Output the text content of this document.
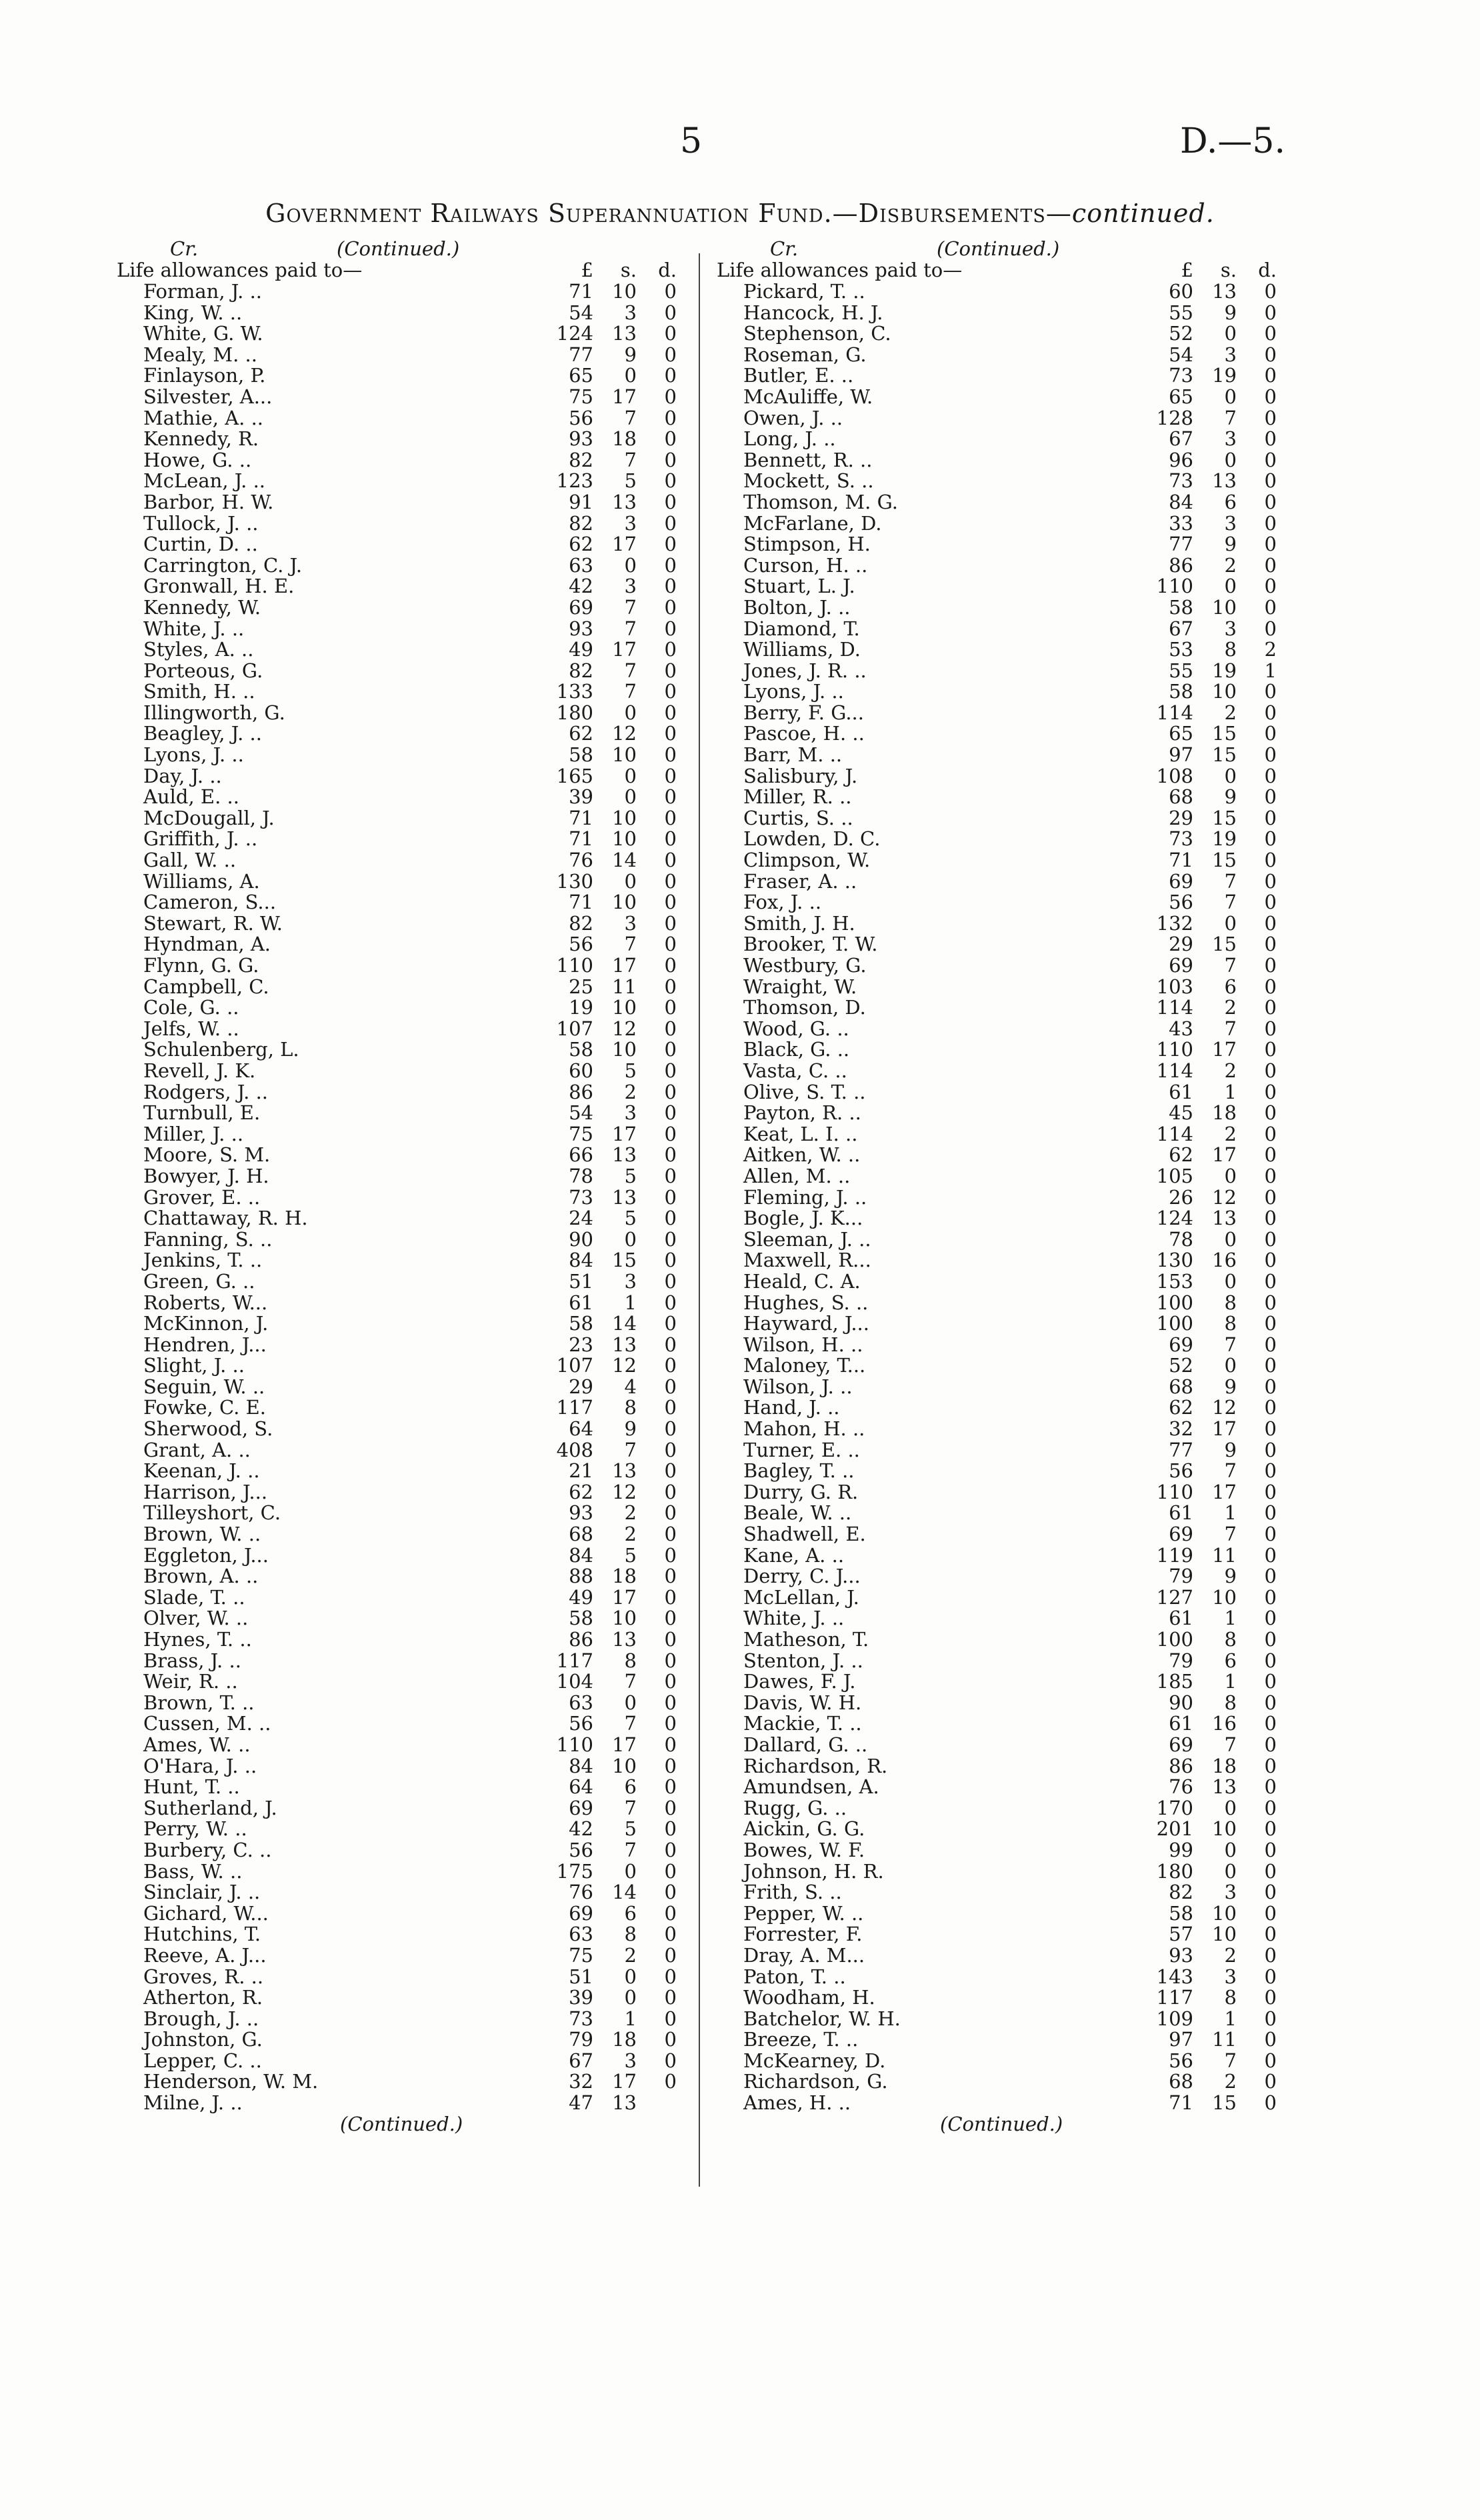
5	D.—5.
Government Railways Superannuation Fund.—Disbursements—continued.
Cr.	(Continued.)
Life allowances paid to—	£ s. d.
Forman, J. ..	71 10 0
King, W. ..	54 3 0
White, G. W.	124 13 0
Mealy, M. ..	77 9 0
Finlayson, P.	65 0 0
Silvester, A...	75 17 0
Mathie, A. ..	56 7 0
Kennedy, R.	93 18 0
Howe, G. ..	82 7 0
McLean, J. ..	123 5 0
Barbor, H. W.	91 13 0
Tullock, J. ..	82 3 0
Curtin, D. ..	62 17 0
Carrington, C. J.	63 0 0
Gronwall, H. E.	42 3 0
Kennedy, W.	69 7 0
White, J. ..	93 7 0
Styles, A. ..	49 17 0
Porteous, G.	82 7 0
Smith, H. ..	133 7 0
Illingworth, G.	180 0 0
Beagley, J. ..	62 12 0
Lyons, J. ..	58 10 0
Day, J. ..	165 0 0
Auld, E. ..	39 0 0
McDougall, J.	71 10 0
Griffith, J. ..	71 10 0
Gall, W. ..	76 14 0
Williams, A.	130 0 0
Cameron, S...	71 10 0
Stewart, R. W.	82 3 0
Hyndman, A.	56 7 0
Flynn, G. G.	110 17 0
Campbell, C.	25 11 0
Cole, G. ..	19 10 0
Jelfs, W. ..	107 12 0
Schulenberg, L.	58 10 0
Revell, J. K.	60 5 0
Rodgers, J. ..	86 2 0
Turnbull, E.	54 3 0
Miller, J. ..	75 17 0
Moore, S. M.	66 13 0
Bowyer, J. H.	78 5 0
Grover, E. ..	73 13 0
Chattaway, R. H.	24 5 0
Fanning, S. ..	90 0 0
Jenkins, T. ..	84 15 0
Green, G. ..	51 3 0
Roberts, W...	61 1 0
McKinnon, J.	58 14 0
Hendren, J...	23 13 0
Slight, J. ..	107 12 0
Seguin, W. ..	29 4 0
Fowke, C. E.	117 8 0
Sherwood, S.	64 9 0
Grant, A. ..	408 7 0
Keenan, J. ..	21 13 0
Harrison, J...	62 12 0
Tilleyshort, C.	93 2 0
Brown, W. ..	68 2 0
Eggleton, J...	84 5 0
Brown, A. ..	88 18 0
Slade, T. ..	49 17 0
Olver, W. ..	58 10 0
Hynes, T. ..	86 13 0
Brass, J. ..	117 8 0
Weir, R. ..	104 7 0
Brown, T. ..	63 0 0
Cussen, M. ..	56 7 0
Ames, W. ..	110 17 0
O'Hara, J. ..	84 10 0
Hunt, T. ..	64 6 0
Sutherland, J.	69 7 0
Perry, W. ..	42 5 0
Burbery, C. ..	56 7 0
Bass, W. ..	175 0 0
Sinclair, J. ..	76 14 0
Gichard, W...	69 6 0
Hutchins, T.	63 8 0
Reeve, A. J...	75 2 0
Groves, R. ..	51 0 0
Atherton, R.	39 0 0
Brough, J. ..	73 1 0
Johnston, G.	79 18 0
Lepper, C. ..	67 3 0
Henderson, W. M.	32 17 0
Milne, J. ..	47 13
(Continued.)
Cr.	(Continued.)
Life allowances paid to—	£ s. d.
Pickard, T. ..	60 13 0
Hancock, H. J.	55 9 0
Stephenson, C.	52 0 0
Roseman, G.	54 3 0
Butler, E. ..	73 19 0
McAuliffe, W.	65 0 0
Owen, J. ..	128 7 0
Long, J. ..	67 3 0
Bennett, R. ..	96 0 0
Mockett, S. ..	73 13 0
Thomson, M. G.	84 6 0
McFarlane, D.	33 3 0
Stimpson, H.	77 9 0
Curson, H. ..	86 2 0
Stuart, L. J.	110 0 0
Bolton, J. ..	58 10 0
Diamond, T.	67 3 0
Williams, D.	53 8 2
Jones, J. R. ..	55 19 1
Lyons, J. ..	58 10 0
Berry, F. G...	114 2 0
Pascoe, H. ..	65 15 0
Barr, M. ..	97 15 0
Salisbury, J.	108 0 0
Miller, R. ..	68 9 0
Curtis, S. ..	29 15 0
Lowden, D. C.	73 19 0
Climpson, W.	71 15 0
Fraser, A. ..	69 7 0
Fox, J. ..	56 7 0
Smith, J. H.	132 0 0
Brooker, T. W.	29 15 0
Westbury, G.	69 7 0
Wraight, W.	103 6 0
Thomson, D.	114 2 0
Wood, G. ..	43 7 0
Black, G. ..	110 17 0
Vasta, C. ..	114 2 0
Olive, S. T. ..	61 1 0
Payton, R. ..	45 18 0
Keat, L. I. ..	114 2 0
Aitken, W. ..	62 17 0
Allen, M. ..	105 0 0
Fleming, J. ..	26 12 0
Bogle, J. K...	124 13 0
Sleeman, J. ..	78 0 0
Maxwell, R...	130 16 0
Heald, C. A.	153 0 0
Hughes, S. ..	100 8 0
Hayward, J...	100 8 0
Wilson, H. ..	69 7 0
Maloney, T...	52 0 0
Wilson, J. ..	68 9 0
Hand, J. ..	62 12 0
Mahon, H. ..	32 17 0
Turner, E. ..	77 9 0
Bagley, T. ..	56 7 0
Durry, G. R.	110 17 0
Beale, W. ..	61 1 0
Shadwell, E.	69 7 0
Kane, A. ..	119 11 0
Derry, C. J...	79 9 0
McLellan, J.	127 10 0
White, J. ..	61 1 0
Matheson, T.	100 8 0
Stenton, J. ..	79 6 0
Dawes, F. J.	185 1 0
Davis, W. H.	90 8 0
Mackie, T. ..	61 16 0
Dallard, G. ..	69 7 0
Richardson, R.	86 18 0
Amundsen, A.	76 13 0
Rugg, G. ..	170 0 0
Aickin, G. G.	201 10 0
Bowes, W. F.	99 0 0
Johnson, H. R.	180 0 0
Frith, S. ..	82 3 0
Pepper, W. ..	58 10 0
Forrester, F.	57 10 0
Dray, A. M...	93 2 0
Paton, T. ..	143 3 0
Woodham, H.	117 8 0
Batchelor, W. H.	109 1 0
Breeze, T. ..	97 11 0
McKearney, D.	56 7 0
Richardson, G.	68 2 0
Ames, H. ..	71 15 0
(Continued.)
